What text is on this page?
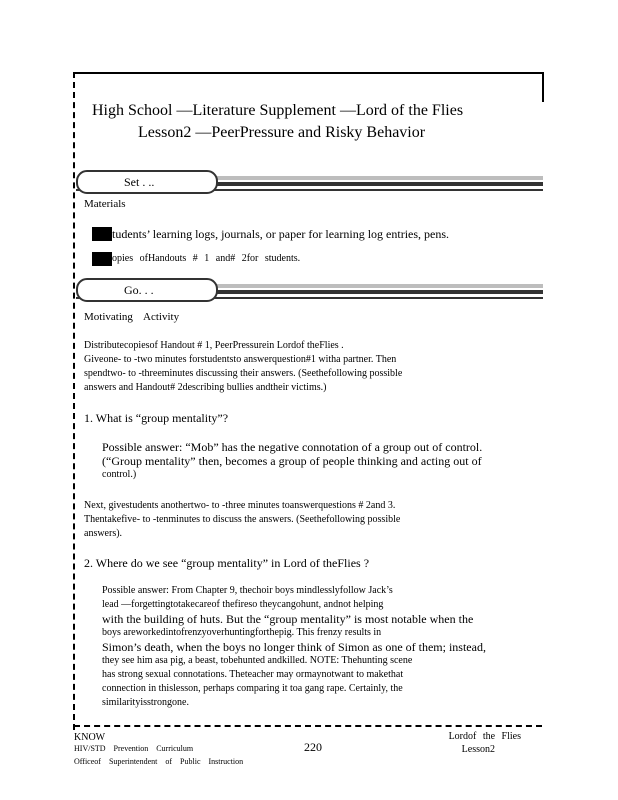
High School —Literature Supplement —Lord of the Flies
Lesson2 —PeerPressure and Risky Behavior
Set . ..
Materials
tudents’ learning logs, journals, or paper for learning log entries, pens.
opies ofHandouts # 1 and# 2for students.
Go. . .
Motivating Activity
Distributecopiesof Handout # 1, PeerPressurein Lordof theFlies .
Giveone- to -two minutes forstudentsto answerquestion#1 witha partner. Then
spendtwo- to -threeminutes discussing their answers. (Seethefollowing possible
answers and Handout# 2describing bullies andtheir victims.)
1. What is “group mentality”?
Possible answer: “Mob” has the negative connotation of a group out of control.
(“Group mentality” then, becomes a group of people thinking and acting out of
control.)
Next, givestudents anothertwo- to -three minutes toanswerquestions # 2and 3.
Thentakefive- to -tenminutes to discuss the answers. (Seethefollowing possible
answers).
2. Where do we see “group mentality” in Lord of theFlies ?
Possible answer: From Chapter 9, thechoir boys mindlesslyfollow Jack’s
lead —forgettingtotakecareof thefireso theycangohunt, andnot helping
with the building of huts. But the “group mentality” is most notable when the
boys areworkedintofrenzyoverhuntingforthepig. This frenzy results in
Simon’s death, when the boys no longer think of Simon as one of them; instead,
they see him asa pig, a beast, tobehunted andkilled. NOTE: Thehunting scene
has strong sexual connotations. Theteacher may ormaynotwant to makethat
connection in thislesson, perhaps comparing it toa gang rape. Certainly, the
similarityisstrongone.
KNOW
HIV/STD Prevention Curriculum
Officeof Superintendent of Public Instruction
220
Lordof the Flies
Lesson2
